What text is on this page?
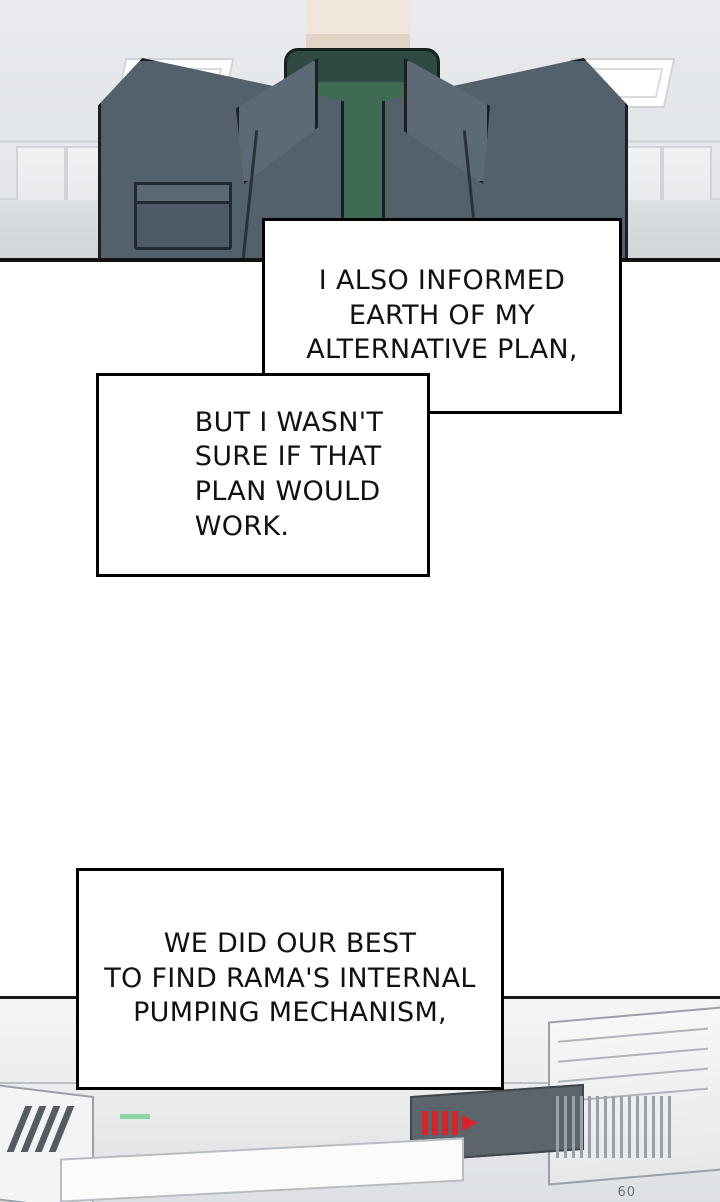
60
I ALSO INFORMED
EARTH OF MY
ALTERNATIVE PLAN,
BUT I WASN'T
SURE IF THAT
PLAN WOULD
WORK.
WE DID OUR BEST
TO FIND RAMA'S INTERNAL
PUMPING MECHANISM,
